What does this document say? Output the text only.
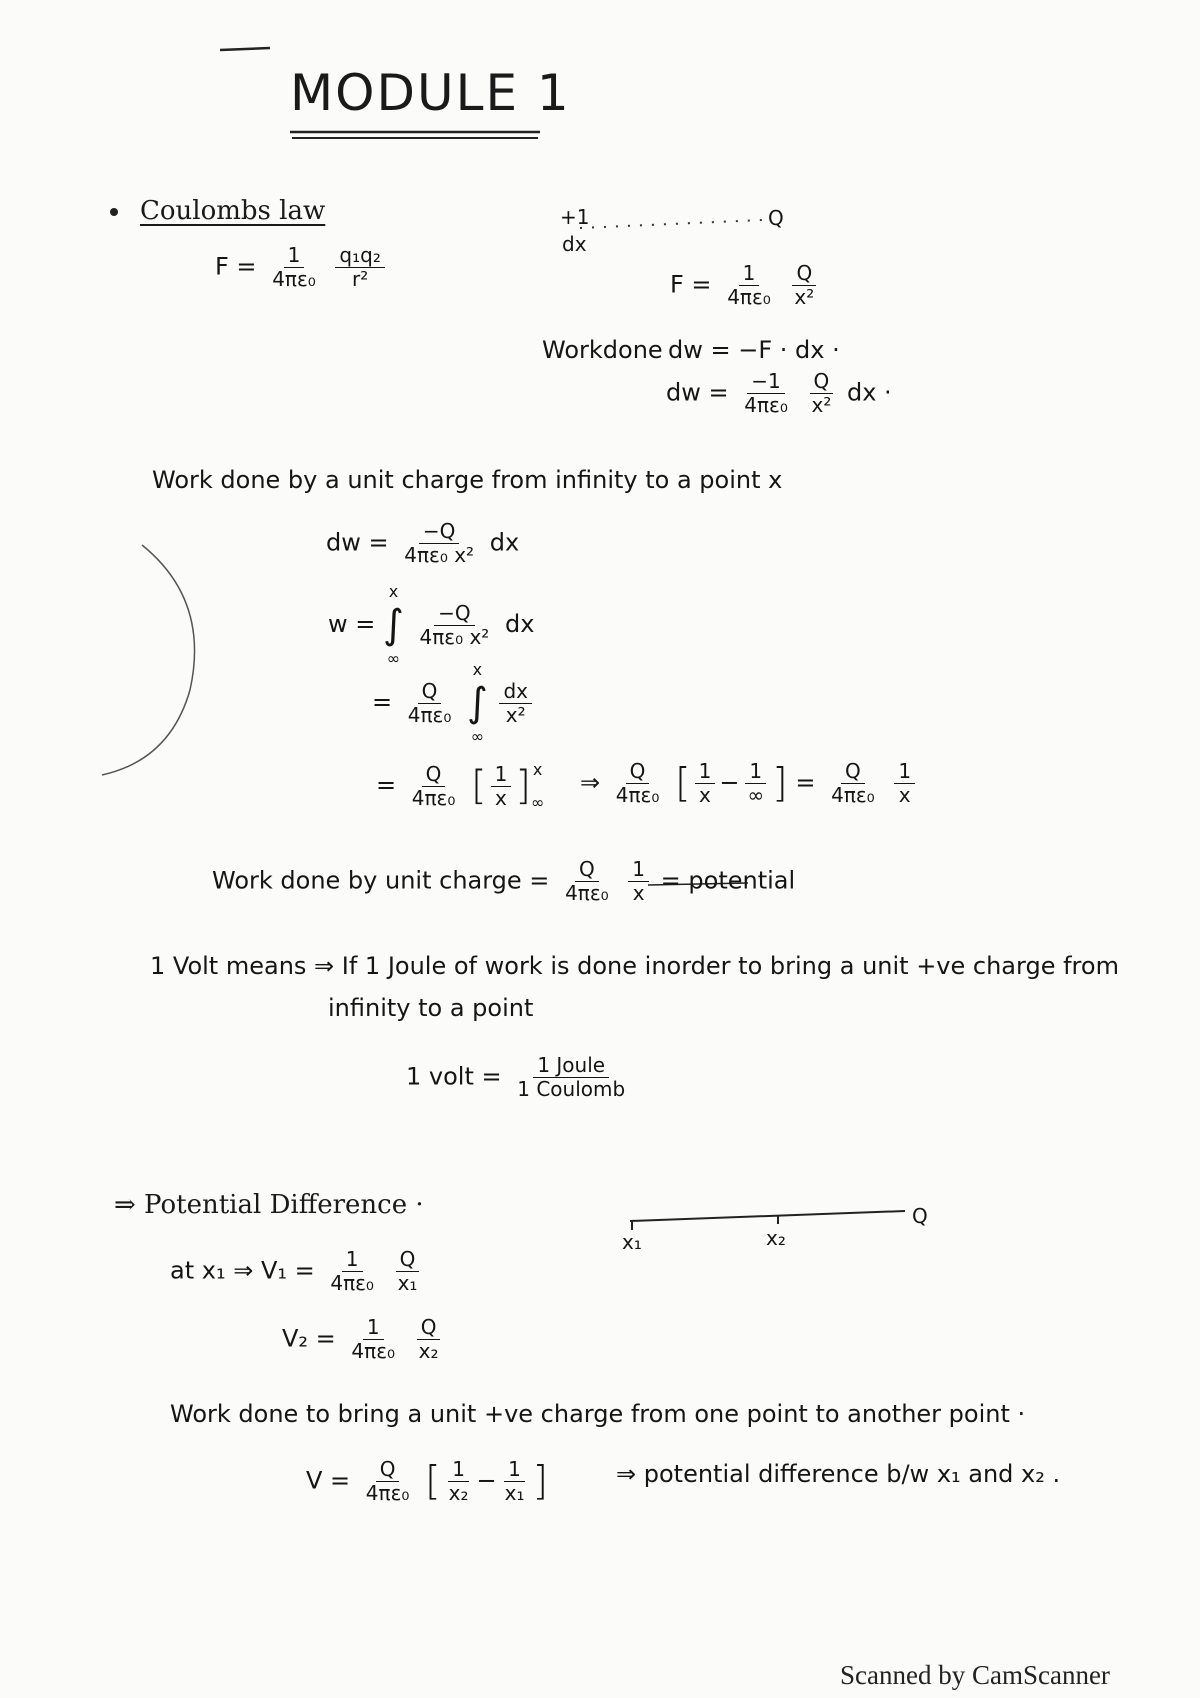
MODULE 1
Coulombs law
$F = \frac{1}{\text{4πε₀}}$
$\frac{\text{q₁q₂}}{\text{r²}}$
+1
dx
Q
$F = \frac{1}{\text{4πε₀}}$
$\frac{Q}{\text{x²}}$
Workdone dw = −F · dx ·
dw = $\frac{-1}{\text{4πε₀}}$
$\frac{Q}{\text{x²}}$ dx ·
Work done by a unit charge from infinity to a point x
dw = $\frac{-Q}{\text{4πε₀ x²}}$ dx
w =
x
∫
∞

$\frac{-Q}{\text{4πε₀ x²}}$ dx
= $\frac{Q}{\text{4πε₀}}$

x
∫
∞

$\frac{dx}{\text{x²}}$
= $\frac{Q}{\text{4πε₀}}$ [ $\frac{1}{x}$ ] x
∞
⇒ $\frac{Q}{\text{4πε₀}}$ [ $\frac{1}{x} - \frac{1}{\infty}$ ] = $\frac{Q}{\text{4πε₀}}$
$\frac{1}{x}$
Work done by unit charge = $\frac{Q}{\text{4πε₀}}$
$\frac{1}{x}$ = potential
1 Volt means ⇒ If 1 Joule of work is done inorder to bring a unit +ve charge from
infinity to a point
1 volt = $\frac{\text{1 Joule}}{\text{1 Coulomb}}$
⇒ Potential Difference ·
x₁	x₂
Q
at x₁ ⇒ $V_1 = \frac{1}{\text{4πε₀}}$
$\frac{Q}{\text{x₁}}$
$V_2 = \frac{1}{\text{4πε₀}}$
$\frac{Q}{\text{x₂}}$
Work done to bring a unit +ve charge from one point to another point ·
$V = \frac{Q}{\text{4πε₀}}$ [ $\frac{1}{\text{x₂}} - \frac{1}{\text{x₁}}$ ]	⇒ potential difference b/w x₁ and x₂ .
Scanned by CamScanner
